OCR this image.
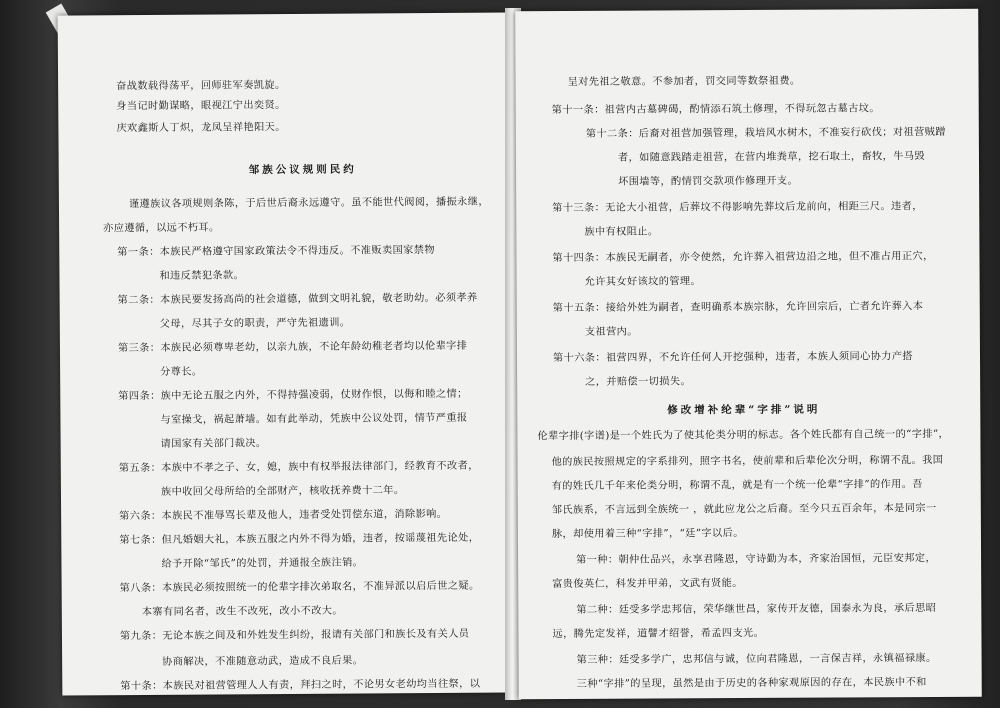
奋战数载得荡平，回师驻军奏凯旋。
身当记时勤谋略，眼视江宁出奕贤。
庆欢鑫斯人丁炽，龙凤呈祥艳阳天。
邹族公议规则民约
谨遵族议各项规则条陈，于后世后裔永远遵守。虽不能世代阀阅，播振永继，
亦应遵循，以远不朽耳。
第一条：本族民严格遵守国家政策法令不得违反。不准贩卖国家禁物
和违反禁犯条款。
第二条：本族民要发扬高尚的社会道德，做到文明礼貌，敬老助幼。必须孝养
父母，尽其子女的职责，严守先祖遗训。
第三条：本族民必须尊卑老幼，以亲九族，不论年龄幼稚老者均以伦辈字排
分尊长。
第四条：族中无论五服之内外，不得持强凌弱，仗财作恨，以侮和睦之情；
与室操戈，祸起萧墙。如有此举动，凭族中公议处罚，情节严重报
请国家有关部门裁决。
第五条：本族中不孝之子、女，媳，族中有权举报法律部门，经教育不改者，
族中收回父母所给的全部财产，核收抚养费十二年。
第六条：本族民不准辱骂长辈及他人，违者受处罚偿东道，消除影响。
第七条：但凡婚姻大礼，本族五服之内外不得为婚，违者，按谣蔑祖先论处，
给予开除“邹氏”的处罚，并通报全族注销。
第八条：本族民必须按照统一的伦辈字排次弟取名，不准异派以启后世之疑。
本寨有同名者，改生不改死，改小不改大。
第九条：无论本族之间及和外姓发生纠纷，报请有关部门和族长及有关人员
协商解决，不准随意动武，造成不良后果。
第十条：本族民对祖营管理人人有责，拜扫之时，不论男女老幼均当往祭，以
呈对先祖之敬意。不参加者，罚交同等数祭祖费。
第十一条：祖营内古墓碑碣，酌情添石筑土修理，不得玩忽古墓古坟。
第十二条：后裔对祖营加强管理，栽培风水树木，不准妄行砍伐；对祖营贼蹭
者，如随意践踏走祖营，在营内堆粪草，挖石取土，畜牧，牛马毁
坏围墙等，酌情罚交款项作修理开支。
第十三条：无论大小祖营，后葬坟不得影响先葬坟后龙前向，相距三尺。违者，
族中有权阻止。
第十四条：本族民无嗣者，亦令使然，允许葬入祖营边沿之地，但不准占用正穴，
允许其女好该坟的管理。
第十五条：接给外姓为嗣者，查明确系本族宗脉，允许回宗后，亡者允许葬入本
支祖营内。
第十六条：祖营四界，不允许任何人开挖强种，违者，本族人须同心协力产搭
之，并赔偿一切损失。
修改增补纶辈“字排”说明
伦辈字排(字谱)是一个姓氏为了使其伦类分明的标志。各个姓氏都有自己统一的“字排”，
他的族民按照规定的字系排列，照字书名，使前辈和后辈伦次分明，称谓不乱。我国
有的姓氏几千年来伦类分明，称谓不乱，就是有一个统一伦辈“字排”的作用。吾
邹氏族系，不言远到全族统一 ，就此应龙公之后裔。至今只五百余年，本是同宗一
脉，却使用着三种“字排”，“廷”字以后。
第一种：朝仲仕品兴，永享君隆恩，守诗勤为本，齐家治国恒，元臣安邦定，
富贵俊英仁，科发并甲弟，文武有贤能。
第二种：廷受多学忠邦信，荣华继世昌，家传开友德，国泰永为良，承后思昭
远，腾先定发祥，道譬才绍誉，希孟四支光。
第三种：廷受多学广，忠邦信与诚，位向君隆恩，一言保吉祥，永镇福禄康。
三种“字排”的呈现，虽然是由于历史的各种家观原因的存在，本民族中不和
